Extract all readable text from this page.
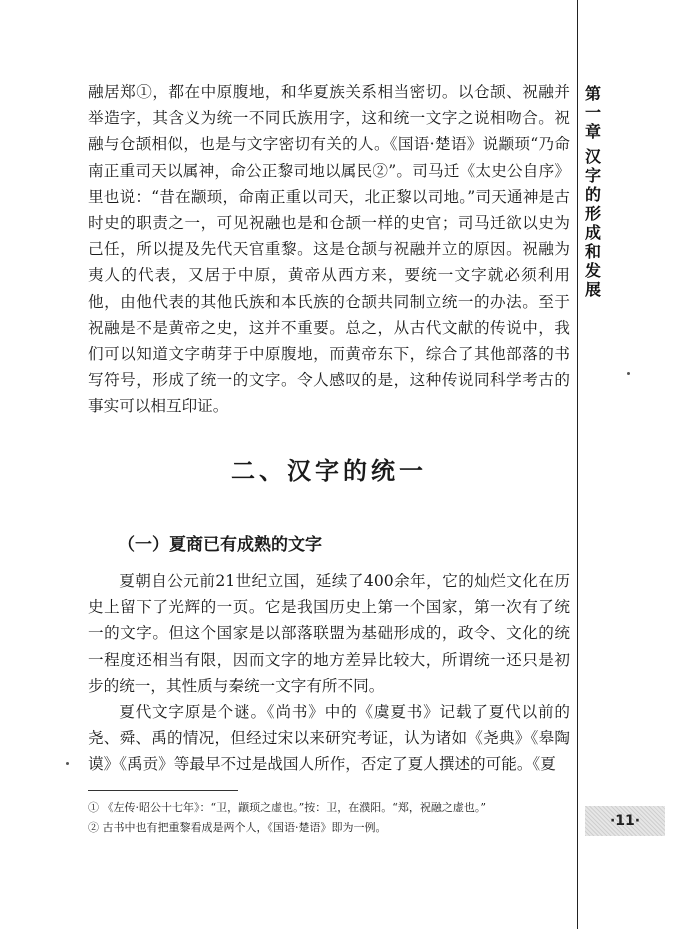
第一章
汉字的形成和发展

融居郑①，都在中原腹地，和华夏族关系相当密切。以仓颉、祝融并举造字，其含义为统一不同氏族用字，这和统一文字之说相吻合。祝融与仓颉相似，也是与文字密切有关的人。《国语·楚语》说颛顼“乃命南正重司天以属神，命公正黎司地以属民②”。司马迁《太史公自序》里也说：“昔在颛顼，命南正重以司天，北正黎以司地。”司天通神是古时史的职责之一，可见祝融也是和仓颉一样的史官；司马迁欲以史为己任，所以提及先代天官重黎。这是仓颉与祝融并立的原因。祝融为夷人的代表，又居于中原，黄帝从西方来，要统一文字就必须利用他，由他代表的其他氏族和本氏族的仓颉共同制立统一的办法。至于祝融是不是黄帝之史，这并不重要。总之，从古代文献的传说中，我们可以知道文字萌芽于中原腹地，而黄帝东下，综合了其他部落的书写符号，形成了统一的文字。令人感叹的是，这种传说同科学考古的事实可以相互印证。

二、汉字的统一
（一）夏商已有成熟的文字

夏朝自公元前21世纪立国，延续了400余年，它的灿烂文化在历史上留下了光辉的一页。它是我国历史上第一个国家，第一次有了统一的文字。但这个国家是以部落联盟为基础形成的，政令、文化的统一程度还相当有限，因而文字的地方差异比较大，所谓统一还只是初步的统一，其性质与秦统一文字有所不同。

夏代文字原是个谜。《尚书》中的《虞夏书》记载了夏代以前的尧、舜、禹的情况，但经过宋以来研究考证，认为诸如《尧典》《皋陶谟》《禹贡》等最早不过是战国人所作，否定了夏人撰述的可能。《夏

① 《左传·昭公十七年》：“卫，颛顼之虚也。”按：卫，在濮阳。“郑，祝融之虚也。”
② 古书中也有把重黎看成是两个人，《国语·楚语》即为一例。	·11·
